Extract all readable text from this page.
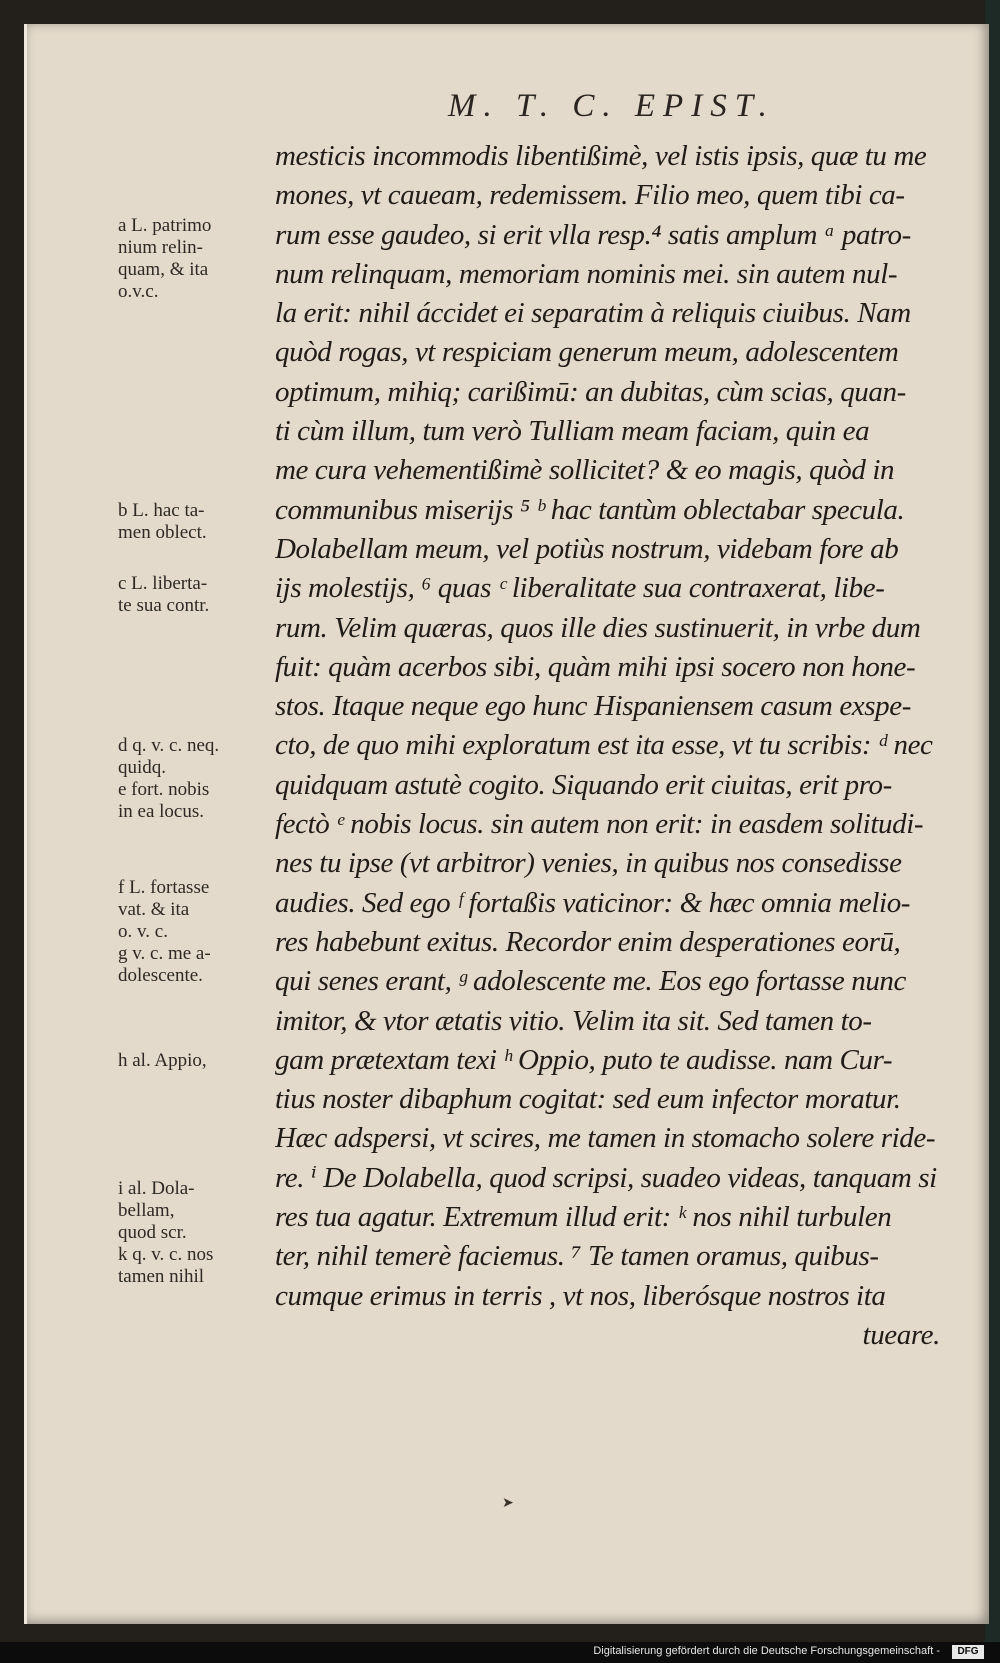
M. T. C. EPIST.
mesticis incommodis libentißimè, vel istis ipsis, quæ tu me
mones, vt caueam, redemissem. Filio meo, quem tibi ca-
rum esse gaudeo, si erit vlla resp.⁴ satis amplum ᵃ patro-
num relinquam, memoriam nominis mei. sin autem nul-
la erit: nihil áccidet ei separatim à reliquis ciuibus. Nam
quòd rogas, vt respiciam generum meum, adolescentem
optimum, mihiq; carißimū: an dubitas, cùm scias, quan-
ti cùm illum, tum verò Tulliam meam faciam, quin ea
me cura vehementißimè sollicitet? & eo magis, quòd in
communibus miserijs ⁵ ᵇ hac tantùm oblectabar specula.
Dolabellam meum, vel potiùs nostrum, videbam fore ab
ijs molestijs, ⁶ quas ᶜ liberalitate sua contraxerat, libe-
rum. Velim quæras, quos ille dies sustinuerit, in vrbe dum
fuit: quàm acerbos sibi, quàm mihi ipsi socero non hone-
stos. Itaque neque ego hunc Hispaniensem casum exspe-
cto, de quo mihi exploratum est ita esse, vt tu scribis: ᵈ nec
quidquam astutè cogito. Siquando erit ciuitas, erit pro-
fectò ᵉ nobis locus. sin autem non erit: in easdem solitudi-
nes tu ipse (vt arbitror) venies, in quibus nos consedisse
audies. Sed ego ᶠ fortaßis vaticinor: & hæc omnia melio-
res habebunt exitus. Recordor enim desperationes eorū,
qui senes erant, ᵍ adolescente me. Eos ego fortasse nunc
imitor, & vtor ætatis vitio. Velim ita sit. Sed tamen to-
gam prætextam texi ʰ Oppio, puto te audisse. nam Cur-
tius noster dibaphum cogitat: sed eum infector moratur.
Hæc adspersi, vt scires, me tamen in stomacho solere ride-
re. ⁱ De Dolabella, quod scripsi, suadeo videas, tanquam si
res tua agatur. Extremum illud erit: ᵏ nos nihil turbulen
ter, nihil temerè faciemus. ⁷ Te tamen oramus, quibus-
cumque erimus in terris , vt nos, liberósque nostros ita
tueare.
a L. patrimo
nium relin-
quam, & ita
o.v.c.
b L. hac ta-
men oblect.
c L. liberta-
te sua contr.
d q. v. c. neq.
quidq.
e fort. nobis
in ea locus.
f L. fortasse
vat. & ita
o. v. c.
g v. c. me a-
dolescente.
h al. Appio,
i al. Dola-
bellam,
quod scr.
k q. v. c. nos
tamen nihil
➤
Digitalisierung gefördert durch die Deutsche Forschungsgemeinschaft -	DFG
